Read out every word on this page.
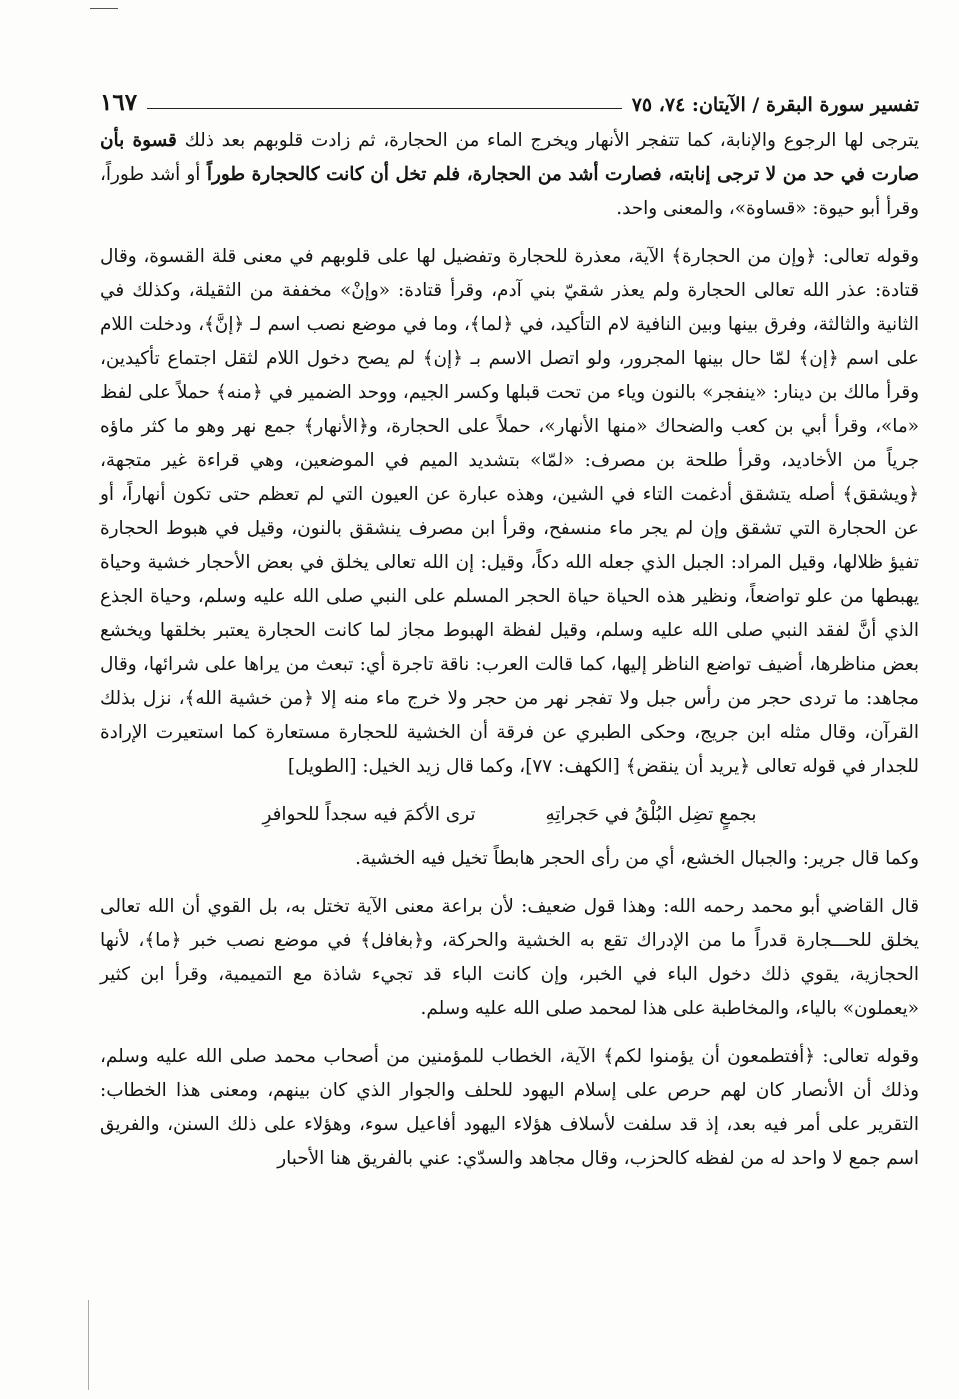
تفسير سورة البقرة / الآيتان: ٧٤، ٧٥
١٦٧

يترجى لها الرجوع والإنابة، كما تتفجر الأنهار ويخرج الماء من الحجارة، ثم زادت قلوبهم بعد ذلك قسوة بأن صارت في حد من لا ترجى إنابته، فصارت أشد من الحجارة، فلم تخل أن كانت كالحجارة طوراً أو أشد طوراً، وقرأ أبو حيوة: «قساوة»، والمعنى واحد.

وقوله تعالى: ﴿وإن من الحجارة﴾ الآية، معذرة للحجارة وتفضيل لها على قلوبهم في معنى قلة القسوة، وقال قتادة: عذر الله تعالى الحجارة ولم يعذر شقيّ بني آدم، وقرأ قتادة: «وإنْ» مخففة من الثقيلة، وكذلك في الثانية والثالثة، وفرق بينها وبين النافية لام التأكيد، في ﴿لما﴾، وما في موضع نصب اسم لـ ﴿إنَّ﴾، ودخلت اللام على اسم ﴿إن﴾ لمّا حال بينها المجرور، ولو اتصل الاسم بـ ﴿إن﴾ لم يصح دخول اللام لثقل اجتماع تأكيدين، وقرأ مالك بن دينار: «ينفجر» بالنون وياء من تحت قبلها وكسر الجيم، ووحد الضمير في ﴿منه﴾ حملاً على لفظ «ما»، وقرأ أبي بن كعب والضحاك «منها الأنهار»، حملاً على الحجارة، و﴿الأنهار﴾ جمع نهر وهو ما كثر ماؤه جرياً من الأخاديد، وقرأ طلحة بن مصرف: «لمّا» بتشديد الميم في الموضعين، وهي قراءة غير متجهة، ﴿ويشقق﴾ أصله يتشقق أدغمت التاء في الشين، وهذه عبارة عن العيون التي لم تعظم حتى تكون أنهاراً، أو عن الحجارة التي تشقق وإن لم يجر ماء منسفح، وقرأ ابن مصرف ينشقق بالنون، وقيل في هبوط الحجارة تفيؤ ظلالها، وقيل المراد: الجبل الذي جعله الله دكاً، وقيل: إن الله تعالى يخلق في بعض الأحجار خشية وحياة يهبطها من علو تواضعاً، ونظير هذه الحياة حياة الحجر المسلم على النبي صلى الله عليه وسلم، وحياة الجذع الذي أنَّ لفقد النبي صلى الله عليه وسلم، وقيل لفظة الهبوط مجاز لما كانت الحجارة يعتبر بخلقها ويخشع بعض مناظرها، أضيف تواضع الناظر إليها، كما قالت العرب: ناقة تاجرة أي: تبعث من يراها على شرائها، وقال مجاهد: ما تردى حجر من رأس جبل ولا تفجر نهر من حجر ولا خرج ماء منه إلا ﴿من خشية الله﴾، نزل بذلك القرآن، وقال مثله ابن جريج، وحكى الطبري عن فرقة أن الخشية للحجارة مستعارة كما استعيرت الإرادة للجدار في قوله تعالى ﴿يريد أن ينقض﴾ [الكهف: ٧٧]، وكما قال زيد الخيل: [الطويل]

بجمعٍ تضِل البُلْقُ في حَجراتِهِ
ترى الأكمَ فيه سجداً للحوافرِ

وكما قال جرير: والجبال الخشع، أي من رأى الحجر هابطاً تخيل فيه الخشية.

قال القاضي أبو محمد رحمه الله: وهذا قول ضعيف: لأن براعة معنى الآية تختل به، بل القوي أن الله تعالى يخلق للحـــجارة قدراً ما من الإدراك تقع به الخشية والحركة، و﴿بغافل﴾ في موضع نصب خبر ﴿ما﴾، لأنها الحجازية، يقوي ذلك دخول الباء في الخبر، وإن كانت الباء قد تجيء شاذة مع التميمية، وقرأ ابن كثير «يعملون» بالياء، والمخاطبة على هذا لمحمد صلى الله عليه وسلم.

وقوله تعالى: ﴿أفتطمعون أن يؤمنوا لكم﴾ الآية، الخطاب للمؤمنين من أصحاب محمد صلى الله عليه وسلم، وذلك أن الأنصار كان لهم حرص على إسلام اليهود للحلف والجوار الذي كان بينهم، ومعنى هذا الخطاب: التقرير على أمر فيه بعد، إذ قد سلفت لأسلاف هؤلاء اليهود أفاعيل سوء، وهؤلاء على ذلك السنن، والفريق اسم جمع لا واحد له من لفظه كالحزب، وقال مجاهد والسدّي: عني بالفريق هنا الأحبار
